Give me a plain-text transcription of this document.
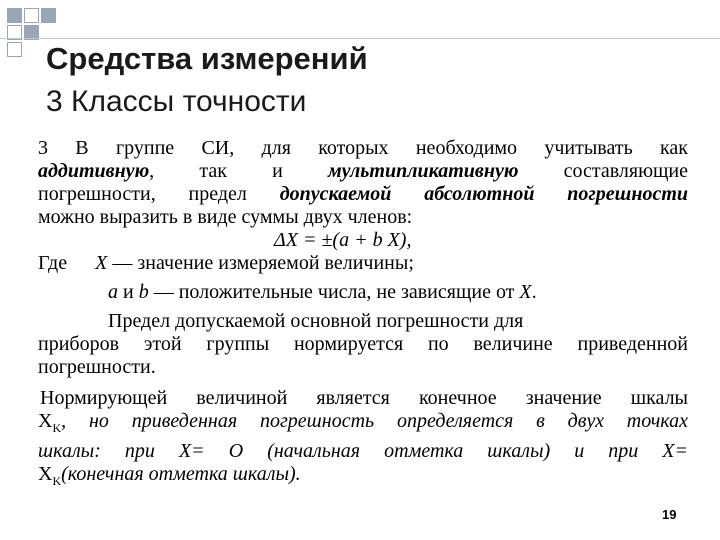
Средства измерений
3 Классы точности
3 В группе СИ, для которых необходимо учитывать как
аддитивную, так и мультипликативную составляющие
погрешности, предел допускаемой абсолютной погрешности
можно выразить в виде суммы двух членов:
ΔX = ±(a + b X),
Где X — значение измеряемой величины;
a и b — положительные числа, не зависящие от X.
Предел допускаемой основной погрешности для
приборов этой группы нормируется по величине приведенной
погрешности.
Нормирующей величиной является конечное значение шкалы
$X_K$, но приведенная погрешность определяется в двух точках
шкалы: при X= О (начальная отметка шкалы) и при X=
$X_K(конечная$ отметка шкалы).
19
